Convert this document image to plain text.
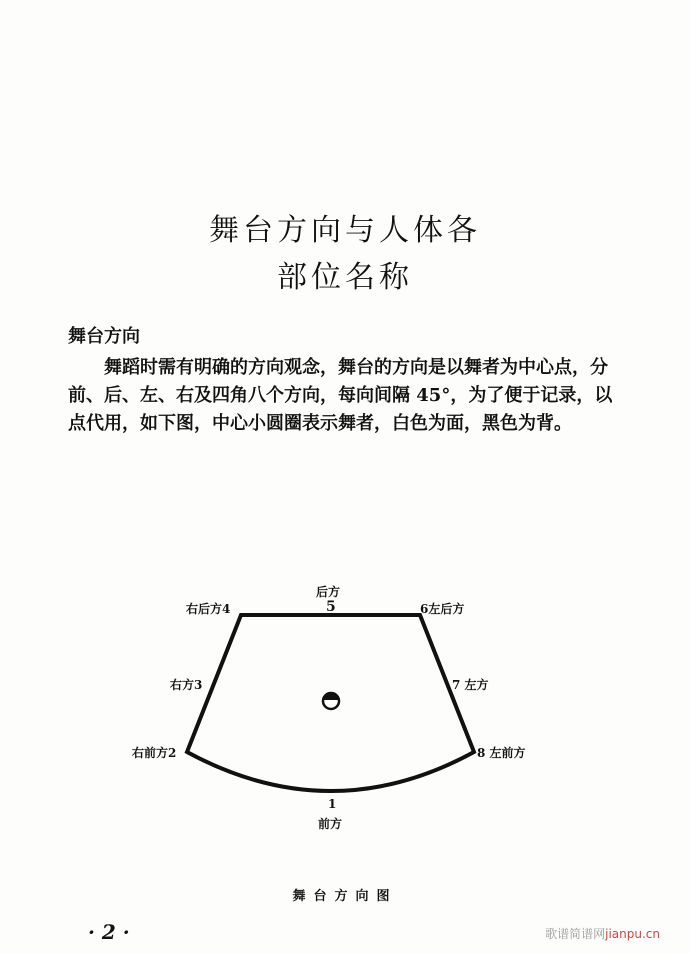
舞台方向与人体各
部位名称
舞台方向
舞蹈时需有明确的方向观念，舞台的方向是以舞者为中心点，分前、后、左、右及四角八个方向，每向间隔 45°，为了便于记录，以点代用，如下图，中心小圆圈表示舞者，白色为面，黑色为背。
后方
5
右后方4	6左后方
右方3	7 左方
右前方2	8 左前方
1
前方
舞台方向图
· 2 ·	歌谱简谱网jianpu.cn
